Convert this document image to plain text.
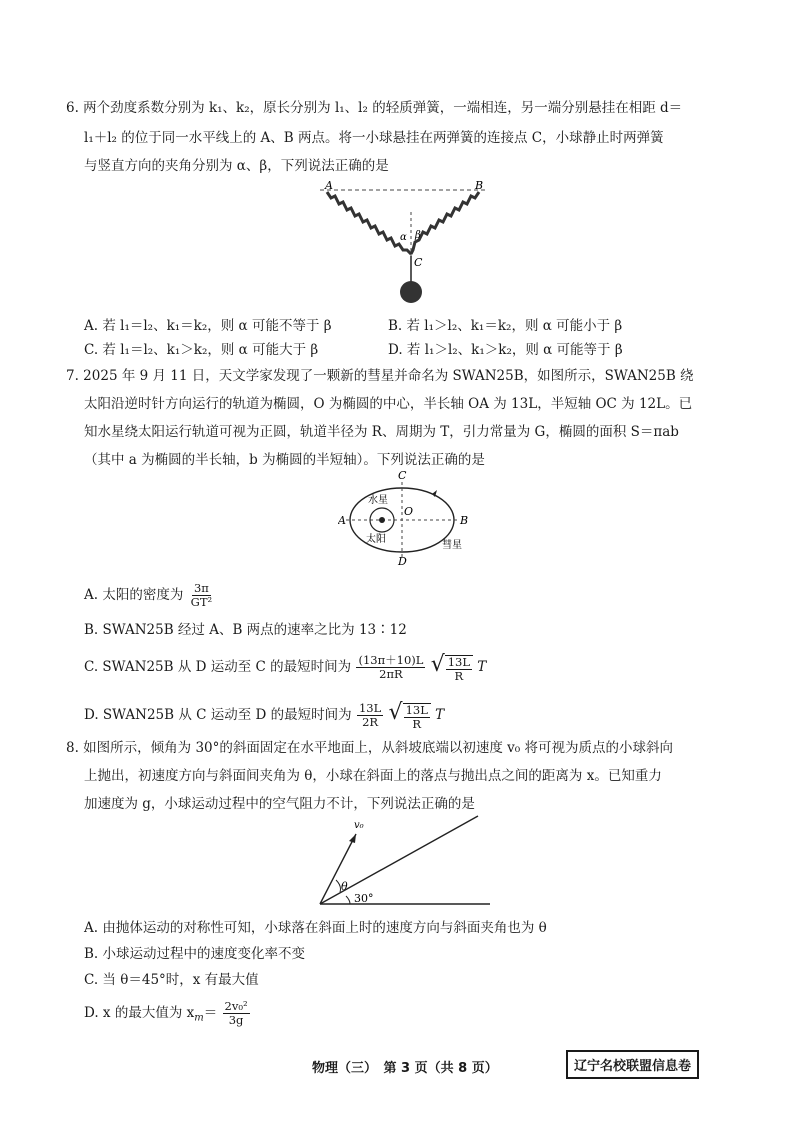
6. 两个劲度系数分别为 k₁、k₂，原长分别为 l₁、l₂ 的轻质弹簧，一端相连，另一端分别悬挂在相距 d＝
l₁＋l₂ 的位于同一水平线上的 A、B 两点。将一小球悬挂在两弹簧的连接点 C，小球静止时两弹簧
与竖直方向的夹角分别为 α、β，下列说法正确的是
A	B
C
α β
A. 若 l₁＝l₂、k₁＝k₂，则 α 可能不等于 β	B. 若 l₁＞l₂、k₁＝k₂，则 α 可能小于 β
C. 若 l₁＝l₂、k₁＞k₂，则 α 可能大于 β	D. 若 l₁＞l₂、k₁＞k₂，则 α 可能等于 β
7. 2025 年 9 月 11 日，天文学家发现了一颗新的彗星并命名为 SWAN25B，如图所示，SWAN25B 绕
太阳沿逆时针方向运行的轨道为椭圆，O 为椭圆的中心，半长轴 OA 为 13L，半短轴 OC 为 12L。已
知水星绕太阳运行轨道可视为正圆，轨道半径为 R、周期为 T，引力常量为 G，椭圆的面积 S＝πab
（其中 a 为椭圆的半长轴，b 为椭圆的半短轴）。下列说法正确的是
C
D
A	B
O
水星
太阳
彗星
A. 太阳的密度为 $\frac{3\pi}{\text{GT²}}$
B. SWAN25B 经过 A、B 两点的速率之比为 13∶12
C. SWAN25B 从 D 运动至 C 的最短时间为 $\frac{(13\pi+10)L}{2\pi R}$
√ $\frac{13L}{R}$ T
D. SWAN25B 从 C 运动至 D 的最短时间为 $\frac{13L}{2R}$
√ $\frac{13L}{R}$ T
8. 如图所示，倾角为 30°的斜面固定在水平地面上，从斜坡底端以初速度 v₀ 将可视为质点的小球斜向
上抛出，初速度方向与斜面间夹角为 θ，小球在斜面上的落点与抛出点之间的距离为 x。已知重力
加速度为 g，小球运动过程中的空气阻力不计，下列说法正确的是
v₀
θ
30°
A. 由抛体运动的对称性可知，小球落在斜面上时的速度方向与斜面夹角也为 θ
B. 小球运动过程中的速度变化率不变
C. 当 θ＝45°时，x 有最大值
D. x 的最大值为 $x_m= \frac{\text{2v₀²}}{3g}$
物理（三）　第 3 页（共 8 页）	辽宁名校联盟信息卷
